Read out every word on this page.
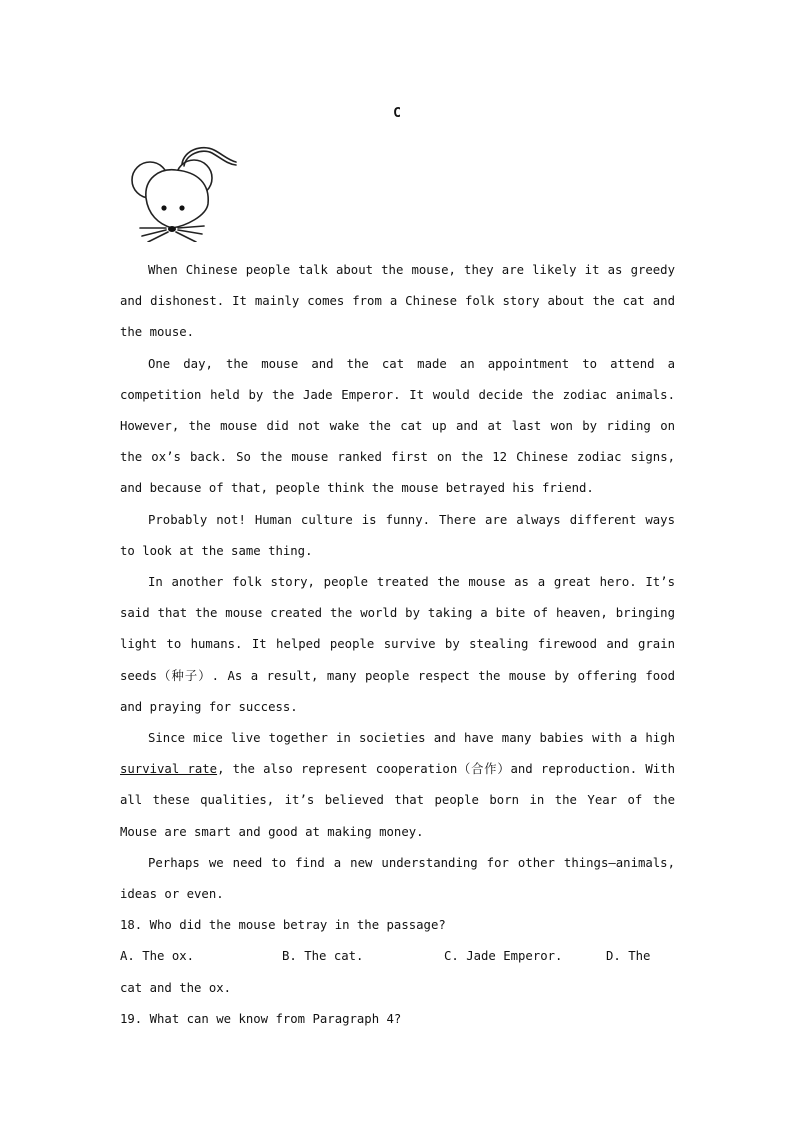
C

When Chinese people talk about the mouse, they are likely it as greedy and dishonest. It mainly comes from a Chinese folk story about the cat and the mouse.

One day, the mouse and the cat made an appointment to attend a competition held by the Jade Emperor. It would decide the zodiac animals. However, the mouse did not wake the cat up and at last won by riding on the ox’s back. So the mouse ranked first on the 12 Chinese zodiac signs, and because of that, people think the mouse betrayed his friend.

Probably not! Human culture is funny. There are always different ways to look at the same thing.

In another folk story, people treated the mouse as a great hero. It’s said that the mouse created the world by taking a bite of heaven, bringing light to humans. It helped people survive by stealing firewood and grain seeds（种子）. As a result, many people respect the mouse by offering food and praying for success.

Since mice live together in societies and have many babies with a high survival rate, the also represent cooperation（合作）and reproduction. With all these qualities, it’s believed that people born in the Year of the Mouse are smart and good at making money.

Perhaps we need to find a new understanding for other things—animals, ideas or even.

18. Who did the mouse betray in the passage?

A. The ox.	B. The cat.	C. Jade Emperor.	D. The

cat and the ox.

19. What can we know from Paragraph 4?
